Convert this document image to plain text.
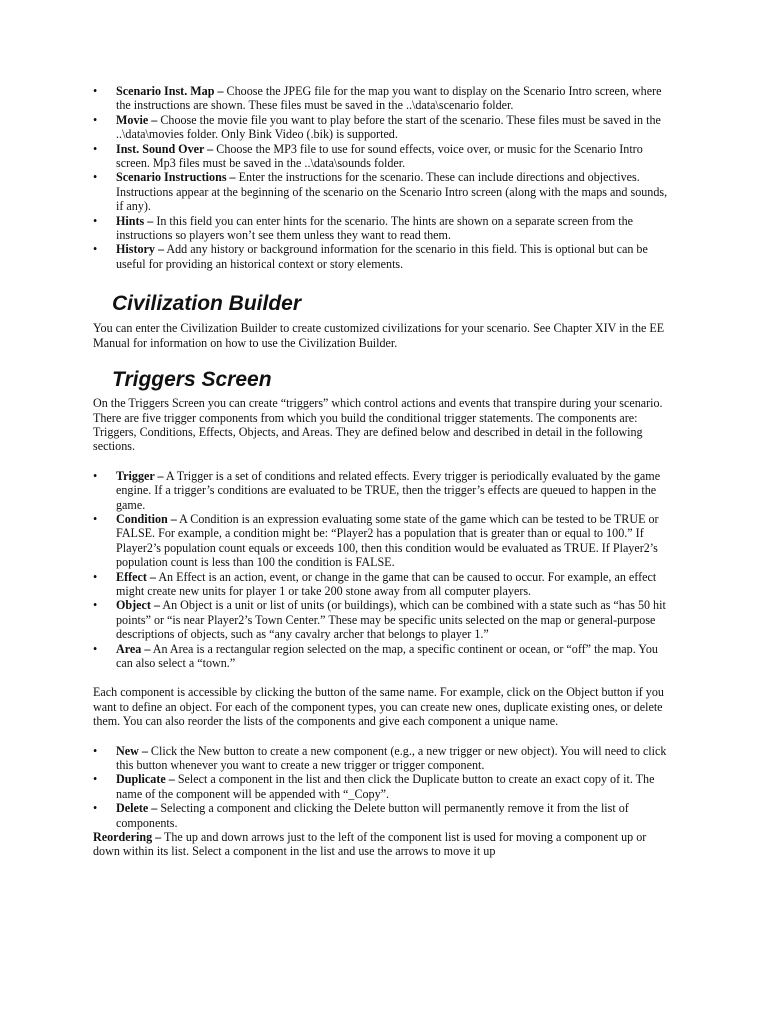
•	Scenario Inst. Map – Choose the JPEG file for the map you want to display on the Scenario Intro screen, where the instructions are shown. These files must be saved in the ..\data\scenario folder.
•	Movie – Choose the movie file you want to play before the start of the scenario. These files must be saved in the ..\data\movies folder. Only Bink Video (.bik) is supported.
•	Inst. Sound Over – Choose the MP3 file to use for sound effects, voice over, or music for the Scenario Intro screen. Mp3 files must be saved in the ..\data\sounds folder.
•	Scenario Instructions – Enter the instructions for the scenario. These can include directions and objectives. Instructions appear at the beginning of the scenario on the Scenario Intro screen (along with the maps and sounds, if any).
•	Hints – In this field you can enter hints for the scenario. The hints are shown on a separate screen from the instructions so players won’t see them unless they want to read them.
•	History – Add any history or background information for the scenario in this field. This is optional but can be useful for providing an historical context or story elements.
Civilization Builder

You can enter the Civilization Builder to create customized civilizations for your scenario. See Chapter XIV in the EE Manual for information on how to use the Civilization Builder.

Triggers Screen

On the Triggers Screen you can create “triggers” which control actions and events that transpire during your scenario. There are five trigger components from which you build the conditional trigger statements. The components are: Triggers, Conditions, Effects, Objects, and Areas. They are defined below and described in detail in the following sections.

•	Trigger – A Trigger is a set of conditions and related effects. Every trigger is periodically evaluated by the game engine. If a trigger’s conditions are evaluated to be TRUE, then the trigger’s effects are queued to happen in the game.
•	Condition – A Condition is an expression evaluating some state of the game which can be tested to be TRUE or FALSE. For example, a condition might be: “Player2 has a population that is greater than or equal to 100.” If Player2’s population count equals or exceeds 100, then this condition would be evaluated as TRUE. If Player2’s population count is less than 100 the condition is FALSE.
•	Effect – An Effect is an action, event, or change in the game that can be caused to occur. For example, an effect might create new units for player 1 or take 200 stone away from all computer players.
•	Object – An Object is a unit or list of units (or buildings), which can be combined with a state such as “has 50 hit points” or “is near Player2’s Town Center.” These may be specific units selected on the map or general-purpose descriptions of objects, such as “any cavalry archer that belongs to player 1.”
•	Area – An Area is a rectangular region selected on the map, a specific continent or ocean, or “off” the map. You can also select a “town.”

Each component is accessible by clicking the button of the same name. For example, click on the Object button if you want to define an object. For each of the component types, you can create new ones, duplicate existing ones, or delete them. You can also reorder the lists of the components and give each component a unique name.

•	New – Click the New button to create a new component (e.g., a new trigger or new object). You will need to click this button whenever you want to create a new trigger or trigger component.
•	Duplicate – Select a component in the list and then click the Duplicate button to create an exact copy of it. The name of the component will be appended with “_Copy”.
•	Delete – Selecting a component and clicking the Delete button will permanently remove it from the list of components.

Reordering – The up and down arrows just to the left of the component list is used for moving a component up or down within its list. Select a component in the list and use the arrows to move it up
